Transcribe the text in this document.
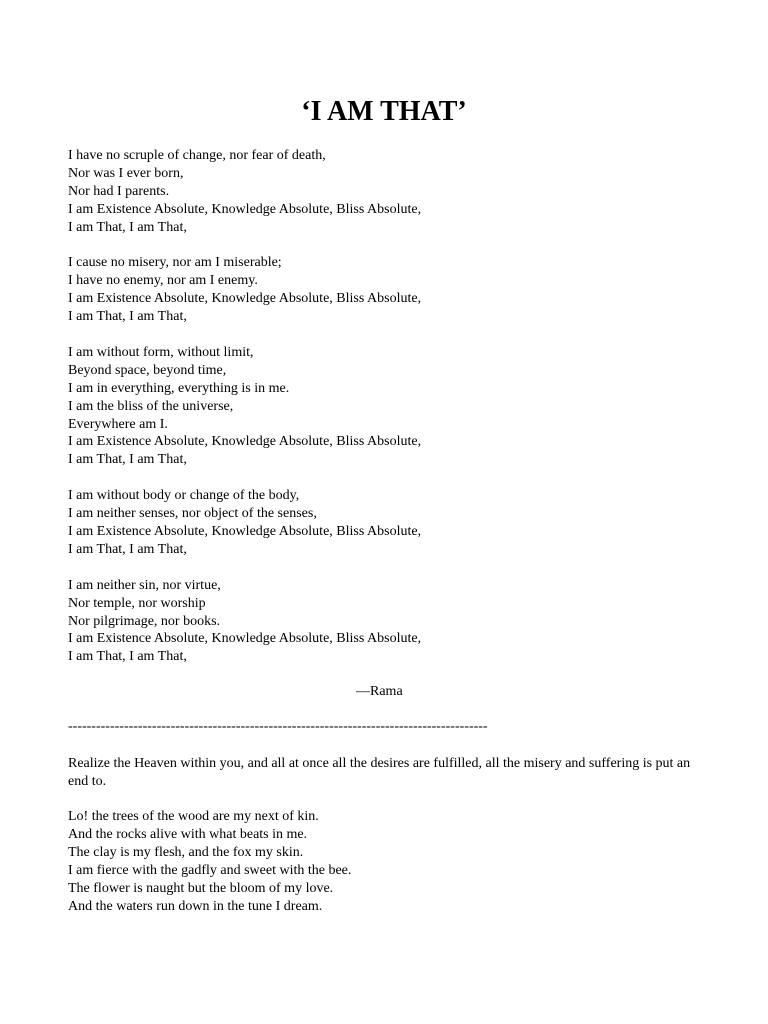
‘I AM THAT’
I have no scruple of change, nor fear of death,
Nor was I ever born,
Nor had I parents.
I am Existence Absolute, Knowledge Absolute, Bliss Absolute,
I am That, I am That,
I cause no misery, nor am I miserable;
I have no enemy, nor am I enemy.
I am Existence Absolute, Knowledge Absolute, Bliss Absolute,
I am That, I am That,
I am without form, without limit,
Beyond space, beyond time,
I am in everything, everything is in me.
I am the bliss of the universe,
Everywhere am I.
I am Existence Absolute, Knowledge Absolute, Bliss Absolute,
I am That, I am That,
I am without body or change of the body,
I am neither senses, nor object of the senses,
I am Existence Absolute, Knowledge Absolute, Bliss Absolute,
I am That, I am That,
I am neither sin, nor virtue,
Nor temple, nor worship
Nor pilgrimage, nor books.
I am Existence Absolute, Knowledge Absolute, Bliss Absolute,
I am That, I am That,
—Rama
------------------------------------------------------------------------------------------

Realize the Heaven within you, and all at once all the desires are fulfilled, all the misery and suffering is put an end to.

Lo! the trees of the wood are my next of kin.
And the rocks alive with what beats in me.
The clay is my flesh, and the fox my skin.
I am fierce with the gadfly and sweet with the bee.
The flower is naught but the bloom of my love.
And the waters run down in the tune I dream.
